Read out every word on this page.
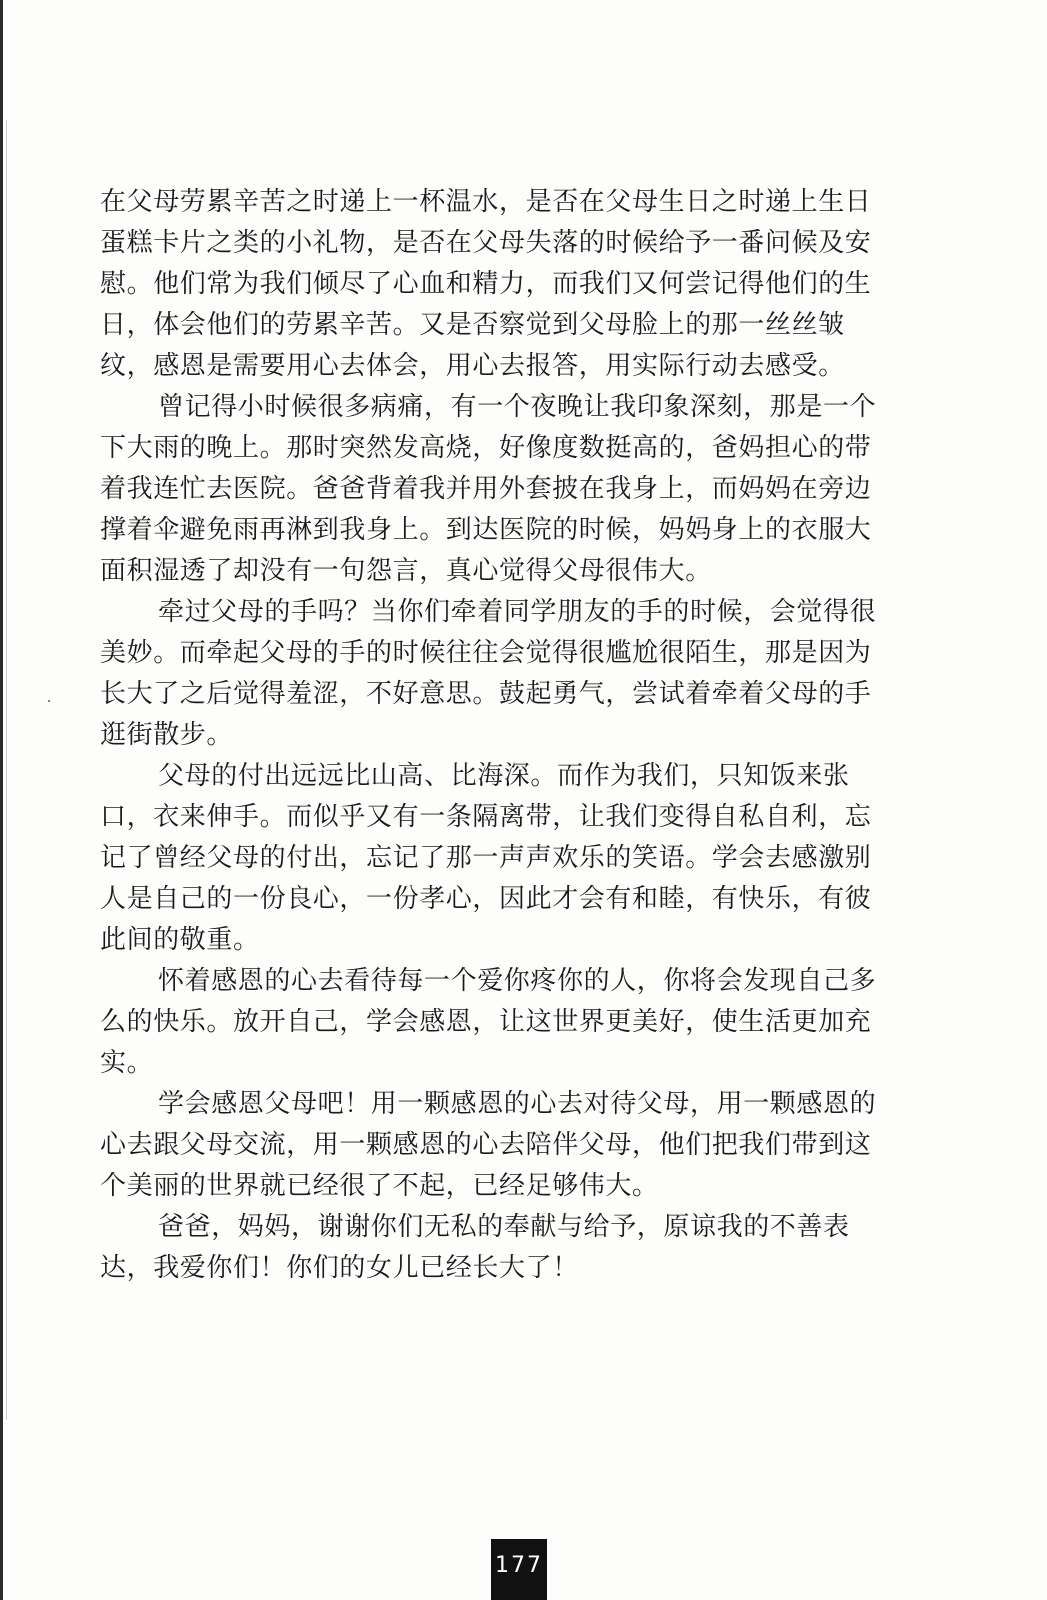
在父母劳累辛苦之时递上一杯温水，是否在父母生日之时递上生日
蛋糕卡片之类的小礼物，是否在父母失落的时候给予一番问候及安
慰。他们常为我们倾尽了心血和精力，而我们又何尝记得他们的生
日，体会他们的劳累辛苦。又是否察觉到父母脸上的那一丝丝皱
纹，感恩是需要用心去体会，用心去报答，用实际行动去感受。
曾记得小时候很多病痛，有一个夜晚让我印象深刻，那是一个
下大雨的晚上。那时突然发高烧，好像度数挺高的，爸妈担心的带
着我连忙去医院。爸爸背着我并用外套披在我身上，而妈妈在旁边
撑着伞避免雨再淋到我身上。到达医院的时候，妈妈身上的衣服大
面积湿透了却没有一句怨言，真心觉得父母很伟大。
牵过父母的手吗？当你们牵着同学朋友的手的时候，会觉得很
美妙。而牵起父母的手的时候往往会觉得很尴尬很陌生，那是因为
长大了之后觉得羞涩，不好意思。鼓起勇气，尝试着牵着父母的手
逛街散步。
父母的付出远远比山高、比海深。而作为我们，只知饭来张
口，衣来伸手。而似乎又有一条隔离带，让我们变得自私自利，忘
记了曾经父母的付出，忘记了那一声声欢乐的笑语。学会去感激别
人是自己的一份良心，一份孝心，因此才会有和睦，有快乐，有彼
此间的敬重。
怀着感恩的心去看待每一个爱你疼你的人，你将会发现自己多
么的快乐。放开自己，学会感恩，让这世界更美好，使生活更加充
实。
学会感恩父母吧！用一颗感恩的心去对待父母，用一颗感恩的
心去跟父母交流，用一颗感恩的心去陪伴父母，他们把我们带到这
个美丽的世界就已经很了不起，已经足够伟大。
爸爸，妈妈，谢谢你们无私的奉献与给予，原谅我的不善表
达，我爱你们！你们的女儿已经长大了！
177
